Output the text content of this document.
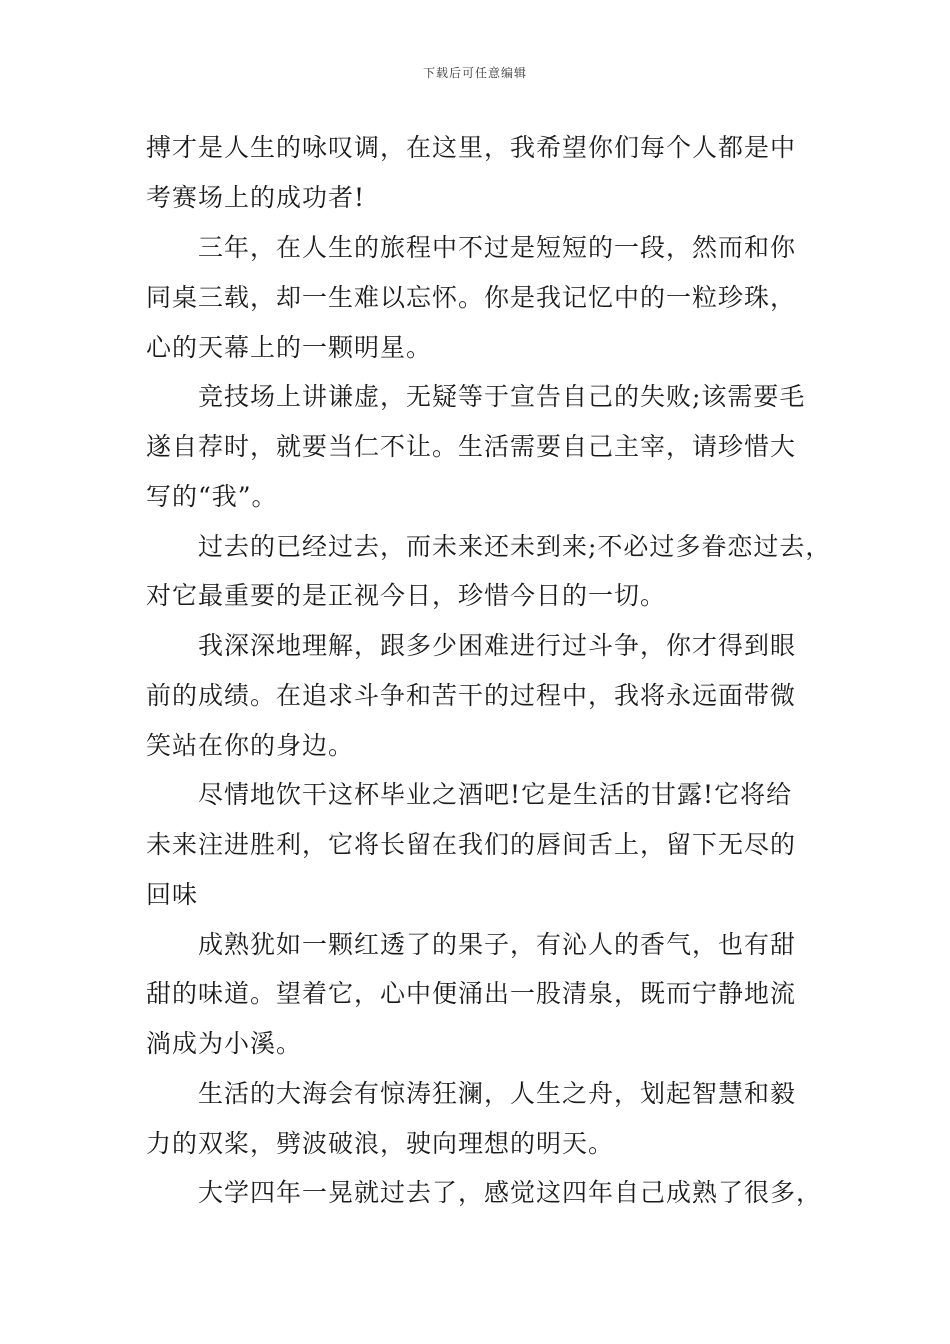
下载后可任意编辑
搏才是人生的咏叹调，在这里，我希望你们每个人都是中
考赛场上的成功者!
三年，在人生的旅程中不过是短短的一段，然而和你
同桌三载，却一生难以忘怀。你是我记忆中的一粒珍珠，
心的天幕上的一颗明星。
竞技场上讲谦虚，无疑等于宣告自己的失败;该需要毛
遂自荐时，就要当仁不让。生活需要自己主宰，请珍惜大
写的“我”。
过去的已经过去，而未来还未到来;不必过多眷恋过去，
对它最重要的是正视今日，珍惜今日的一切。
我深深地理解，跟多少困难进行过斗争，你才得到眼
前的成绩。在追求斗争和苦干的过程中，我将永远面带微
笑站在你的身边。
尽情地饮干这杯毕业之酒吧!它是生活的甘露!它将给
未来注进胜利，它将长留在我们的唇间舌上，留下无尽的
回味
成熟犹如一颗红透了的果子，有沁人的香气，也有甜
甜的味道。望着它，心中便涌出一股清泉，既而宁静地流
淌成为小溪。
生活的大海会有惊涛狂澜，人生之舟，划起智慧和毅
力的双桨，劈波破浪，驶向理想的明天。
大学四年一晃就过去了，感觉这四年自己成熟了很多，
